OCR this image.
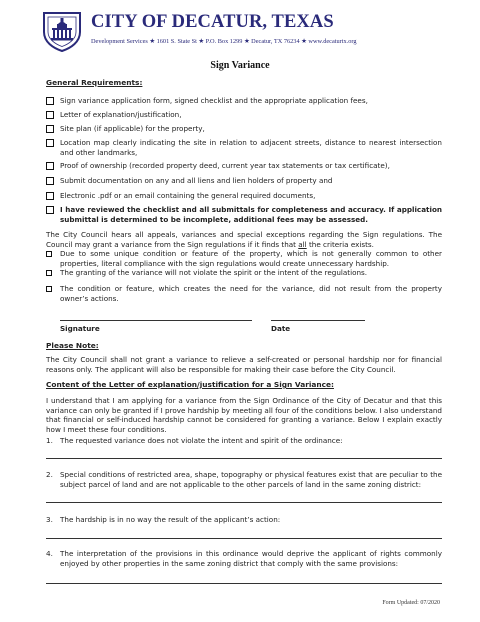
CITY OF DECATUR, TEXAS
Development Services ★ 1601 S. State St ★ P.O. Box 1299 ★ Decatur, TX 76234 ★ www.decaturtx.org
Sign Variance
General Requirements:
Sign variance application form, signed checklist and the appropriate application fees,
Letter of explanation/justification,
Site plan (if applicable) for the property,
Location map clearly indicating the site in relation to adjacent streets, distance to nearest intersection and other landmarks,
Proof of ownership (recorded property deed, current year tax statements or tax certificate),
Submit documentation on any and all liens and lien holders of property and
Electronic .pdf or an email containing the general required documents,
I have reviewed the checklist and all submittals for completeness and accuracy. If application submittal is determined to be incomplete, additional fees may be assessed.
The City Council hears all appeals, variances and special exceptions regarding the Sign regulations. The Council may grant a variance from the Sign regulations if it finds that all the criteria exists.
Due to some unique condition or feature of the property, which is not generally common to other properties, literal compliance with the sign regulations would create unnecessary hardship.
The granting of the variance will not violate the spirit or the intent of the regulations.
The condition or feature, which creates the need for the variance, did not result from the property owner’s actions.
Signature	Date
Please Note:
The City Council shall not grant a variance to relieve a self-created or personal hardship nor for financial reasons only. The applicant will also be responsible for making their case before the City Council.
Content of the Letter of explanation/justification for a Sign Variance:
I understand that I am applying for a variance from the Sign Ordinance of the City of Decatur and that this variance can only be granted if I prove hardship by meeting all four of the conditions below. I also understand that financial or self-induced hardship cannot be considered for granting a variance. Below I explain exactly how I meet these four conditions.
1. The requested variance does not violate the intent and spirit of the ordinance:
2. Special conditions of restricted area, shape, topography or physical features exist that are peculiar to the subject parcel of land and are not applicable to the other parcels of land in the same zoning district:
3. The hardship is in no way the result of the applicant’s action:
4. The interpretation of the provisions in this ordinance would deprive the applicant of rights commonly enjoyed by other properties in the same zoning district that comply with the same provisions:
Form Updated: 07/2020
